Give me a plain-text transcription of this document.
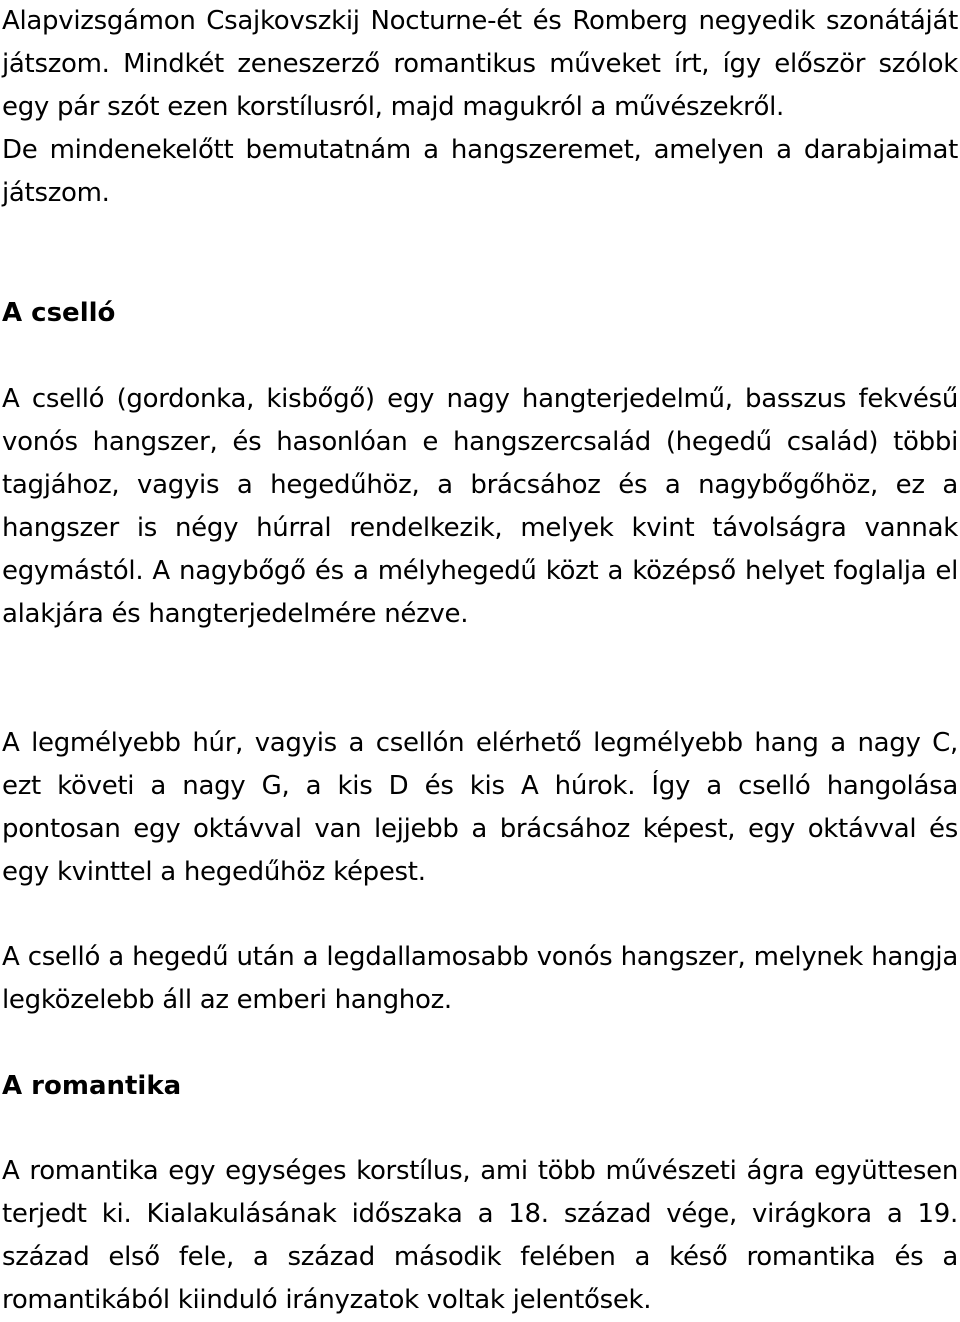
Alapvizsgámon Csajkovszkij Nocturne-ét és Romberg negyedik szonátáját játszom. Mindkét zeneszerző romantikus műveket írt, így először szólok egy pár szót ezen korstílusról, majd magukról a művészekről.

De mindenekelőtt bemutatnám a hangszeremet, amelyen a darabjaimat játszom.

A cselló

A cselló (gordonka, kisbőgő) egy nagy hangterjedelmű, basszus fekvésű vonós hangszer, és hasonlóan e hangszercsalád (hegedű család) többi tagjához, vagyis a hegedűhöz, a brácsához és a nagybőgőhöz, ez a hangszer is négy húrral rendelkezik, melyek kvint távolságra vannak egymástól. A nagybőgő és a mélyhegedű közt a középső helyet foglalja el alakjára és hangterjedelmére nézve.

A legmélyebb húr, vagyis a csellón elérhető legmélyebb hang a nagy C, ezt követi a nagy G, a kis D és kis A húrok. Így a cselló hangolása pontosan egy oktávval van lejjebb a brácsához képest, egy oktávval és egy kvinttel a hegedűhöz képest.

A cselló a hegedű után a legdallamosabb vonós hangszer, melynek hangja legközelebb áll az emberi hanghoz.

A romantika

A romantika egy egységes korstílus, ami több művészeti ágra együttesen terjedt ki. Kialakulásának időszaka a 18. század vége, virágkora a 19. század első fele, a század második felében a késő romantika és a romantikából kiinduló irányzatok voltak jelentősek.
